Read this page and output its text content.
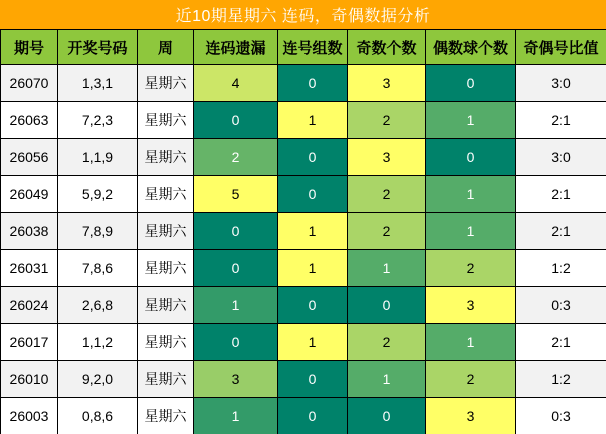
近10期星期六 连码，奇偶数据分析
期号	开奖号码	周	连码遗漏	连号组数	奇数个数	偶数球个数	奇偶号比值
26070	1,3,1	星期六	4	0	3	0	3:0
26063	7,2,3	星期六	0	1	2	1	2:1
26056	1,1,9	星期六	2	0	3	0	3:0
26049	5,9,2	星期六	5	0	2	1	2:1
26038	7,8,9	星期六	0	1	2	1	2:1
26031	7,8,6	星期六	0	1	1	2	1:2
26024	2,6,8	星期六	1	0	0	3	0:3
26017	1,1,2	星期六	0	1	2	1	2:1
26010	9,2,0	星期六	3	0	1	2	1:2
26003	0,8,6	星期六	1	0	0	3	0:3
